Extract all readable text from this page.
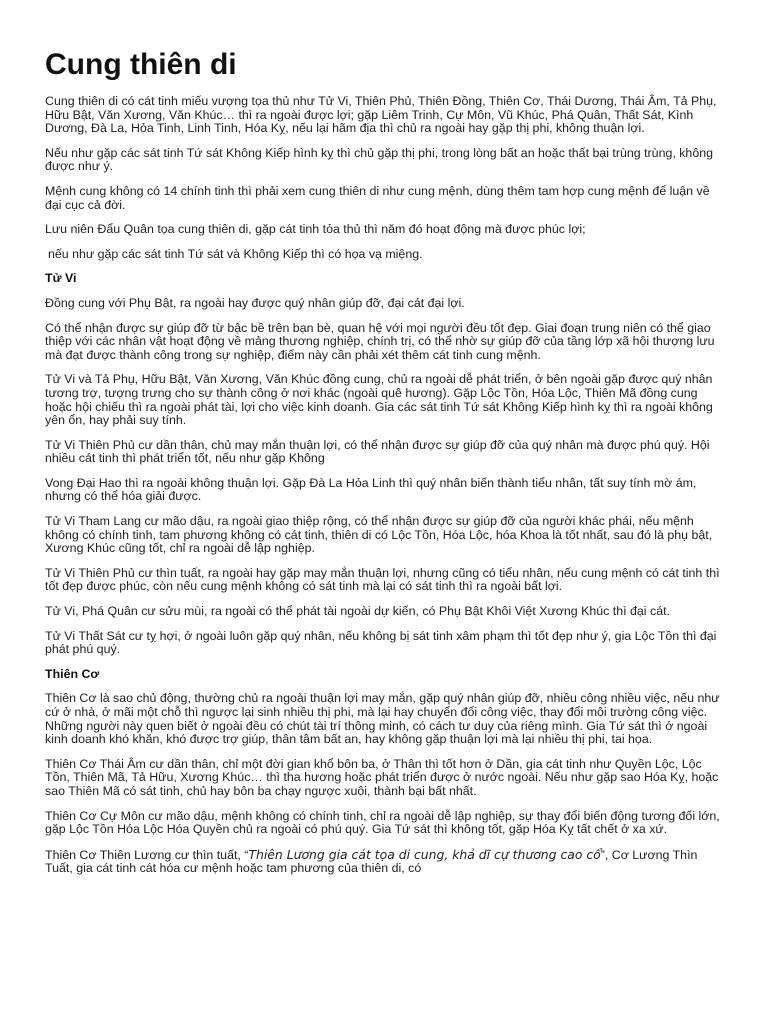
Cung thiên di

Cung thiên di có cát tinh miếu vượng tọa thủ như Tử Vi, Thiên Phủ, Thiên Đồng, Thiên Cơ, Thái Dương, Thái Âm, Tả Phụ, Hữu Bật, Văn Xương, Văn Khúc… thì ra ngoài được lợi; gặp Liêm Trinh, Cự Môn, Vũ Khúc, Phá Quân, Thất Sát, Kình Dương, Đà La, Hỏa Tinh, Linh Tinh, Hóa Kỵ, nếu lại hãm địa thì chủ ra ngoài hay gặp thị phi, không thuận lợi.

Nếu như gặp các sát tinh Tứ sát Không Kiếp hình kỵ thì chủ gặp thị phi, trong lòng bất an hoặc thất bại trùng trùng, không được như ý.

Mệnh cung không có 14 chính tinh thì phải xem cung thiên di như cung mệnh, dùng thêm tam hợp cung mệnh để luận về đại cục cả đời.

Lưu niên Đẩu Quân tọa cung thiên di, gặp cát tinh tỏa thủ thì năm đó hoạt động mà được phúc lợi;

nếu như gặp các sát tinh Tứ sát và Không Kiếp thì có họa vạ miệng.

Tử Vi

Đồng cung với Phụ Bật, ra ngoài hay được quý nhân giúp đỡ, đại cát đại lợi.

Có thể nhận được sự giúp đỡ từ bậc bề trên bạn bè, quan hệ với mọi người đều tốt đẹp. Giai đoạn trung niên có thể giao thiệp với các nhân vật hoạt động về mảng thương nghiệp, chính trị, có thể nhờ sự giúp đỡ của tầng lớp xã hội thượng lưu mà đạt được thành công trong sự nghiệp, điểm này cần phải xét thêm cát tinh cung mệnh.

Tử Vi và Tả Phụ, Hữu Bật, Văn Xương, Văn Khúc đồng cung, chủ ra ngoài dễ phát triển, ở bên ngoài gặp được quý nhân tương trợ, tượng trưng cho sự thành công ở nơi khác (ngoài quê hương). Gặp Lộc Tồn, Hóa Lộc, Thiên Mã đồng cung hoặc hội chiếu thì ra ngoài phát tài, lợi cho việc kinh doanh. Gia các sát tinh Tứ sát Không Kiếp hình kỵ thì ra ngoài không yên ổn, hay phải suy tính.

Tử Vi Thiên Phủ cư dần thân, chủ may mắn thuận lợi, có thể nhận được sự giúp đỡ của quý nhân mà được phú quý. Hội nhiều cát tinh thì phát triển tốt, nếu như gặp Không

Vong Đại Hao thì ra ngoài không thuận lợi. Gặp Đà La Hỏa Linh thì quý nhân biến thành tiểu nhân, tất suy tính mờ ám, nhưng có thể hóa giải được.

Tử Vi Tham Lang cư mão dậu, ra ngoài giao thiệp rộng, có thể nhận được sự giúp đỡ của người khác phái, nếu mệnh không có chính tinh, tam phương không có cát tinh, thiên di có Lộc Tồn, Hóa Lộc, hóa Khoa là tốt nhất, sau đó là phụ bật, Xương Khúc cũng tốt, chỉ ra ngoài dễ lập nghiệp.

Tử Vi Thiên Phủ cư thìn tuất, ra ngoài hay gặp may mắn thuận lợi, nhưng cũng có tiểu nhân, nếu cung mệnh có cát tinh thì tốt đẹp được phúc, còn nếu cung mệnh không có sát tinh mà lại có sát tinh thì ra ngoài bất lợi.

Tử Vi, Phá Quân cư sửu mùi, ra ngoài có thể phát tài ngoài dự kiến, có Phụ Bật Khôi Việt Xương Khúc thì đại cát.

Tử Vi Thất Sát cư tỵ hợi, ở ngoài luôn gặp quý nhân, nếu không bị sát tinh xâm phạm thì tốt đẹp như ý, gia Lộc Tồn thì đại phát phú quý.

Thiên Cơ

Thiên Cơ là sao chủ động, thường chủ ra ngoài thuận lợi may mắn, gặp quý nhân giúp đỡ, nhiều công nhiều việc, nếu như cứ ở nhà, ở mãi một chỗ thì ngược lại sinh nhiều thị phi, mà lại hay chuyển đổi công việc, thay đổi môi trường công việc. Những người này quen biết ở ngoài đều có chút tài trí thông minh, có cách tư duy của riêng mình. Gia Tứ sát thì ở ngoài kinh doanh khó khăn, khó được trợ giúp, thân tâm bất an, hay không gặp thuận lợi mà lại nhiều thị phi, tai họa.

Thiên Cơ Thái Âm cư dần thân, chỉ một đời gian khổ bôn ba, ở Thân thì tốt hơn ở Dần, gia cát tinh như Quyền Lộc, Lộc Tồn, Thiên Mã, Tả Hữu, Xương Khúc… thì tha hương hoặc phát triển được ở nước ngoài. Nếu như gặp sao Hóa Kỵ, hoặc sao Thiên Mã có sát tinh, chủ hay bôn ba chạy ngược xuôi, thành bại bất nhất.

Thiên Cơ Cự Môn cư mão dậu, mệnh không có chính tinh, chỉ ra ngoài dễ lập nghiệp, sự thay đổi biến động tương đối lớn, gặp Lộc Tồn Hóa Lộc Hóa Quyền chủ ra ngoài có phú quý. Gia Tứ sát thì không tốt, gặp Hóa Kỵ tất chết ở xa xứ.

Thiên Cơ Thiên Lương cư thìn tuất, “Thiên Lương gia cát tọa di cung, khả dĩ cự thương cao cổ”, Cơ Lương Thìn Tuất, gia cát tinh cát hóa cư mệnh hoặc tam phương của thiên di, có
